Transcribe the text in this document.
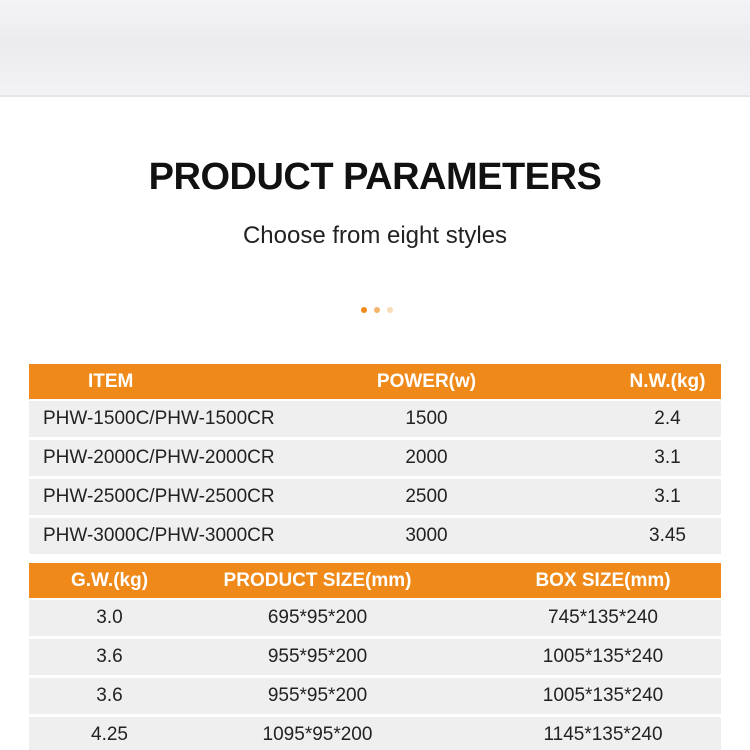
PRODUCT PARAMETERS
Choose from eight styles
ITEM	POWER(w)	N.W.(kg)
PHW-1500C/PHW-1500CR	1500	2.4
PHW-2000C/PHW-2000CR	2000	3.1
PHW-2500C/PHW-2500CR	2500	3.1
PHW-3000C/PHW-3000CR	3000	3.45
G.W.(kg)	PRODUCT SIZE(mm)	BOX SIZE(mm)
3.0	695*95*200	745*135*240
3.6	955*95*200	1005*135*240
3.6	955*95*200	1005*135*240
4.25	1095*95*200	1145*135*240
